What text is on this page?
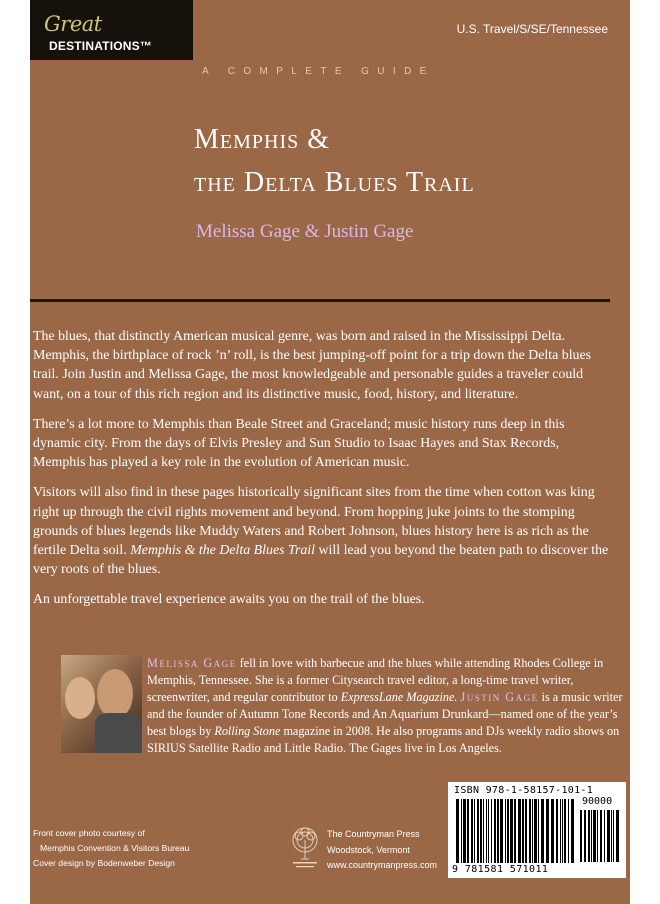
Great
DESTINATIONS™
U.S. Travel/S/SE/Tennessee
A COMPLETE GUIDE
Memphis &
the Delta Blues Trail
Melissa Gage & Justin Gage

The blues, that distinctly American musical genre, was born and raised in the Mississippi Delta. Memphis, the birthplace of rock ’n’ roll, is the best jumping-off point for a trip down the Delta blues trail. Join Justin and Melissa Gage, the most knowledgeable and personable guides a traveler could want, on a tour of this rich region and its distinctive music, food, history, and literature.

There’s a lot more to Memphis than Beale Street and Graceland; music history runs deep in this dynamic city. From the days of Elvis Presley and Sun Studio to Isaac Hayes and Stax Records, Memphis has played a key role in the evolution of American music.

Visitors will also find in these pages historically significant sites from the time when cotton was king right up through the civil rights movement and beyond. From hopping juke joints to the stomping grounds of blues legends like Muddy Waters and Robert Johnson, blues history here is as rich as the fertile Delta soil. Memphis & the Delta Blues Trail will lead you beyond the beaten path to discover the very roots of the blues.

An unforgettable travel experience awaits you on the trail of the blues.

Melissa Gage fell in love with barbecue and the blues while attending Rhodes College in Memphis, Tennessee. She is a former Citysearch travel editor, a long-time travel writer, screenwriter, and regular contributor to ExpressLane Magazine. Justin Gage is a music writer and the founder of Autumn Tone Records and An Aquarium Drunkard—named one of the year’s best blogs by Rolling Stone magazine in 2008. He also programs and DJs weekly radio shows on SIRIUS Satellite Radio and Little Radio. The Gages live in Los Angeles.
Front cover photo courtesy of
Memphis Convention & Visitors Bureau
Cover design by Bodenweber Design
The Countryman Press
Woodstock, Vermont
www.countrymanpress.com
ISBN 978-1-58157-101-1
90000
9 781581 571011
